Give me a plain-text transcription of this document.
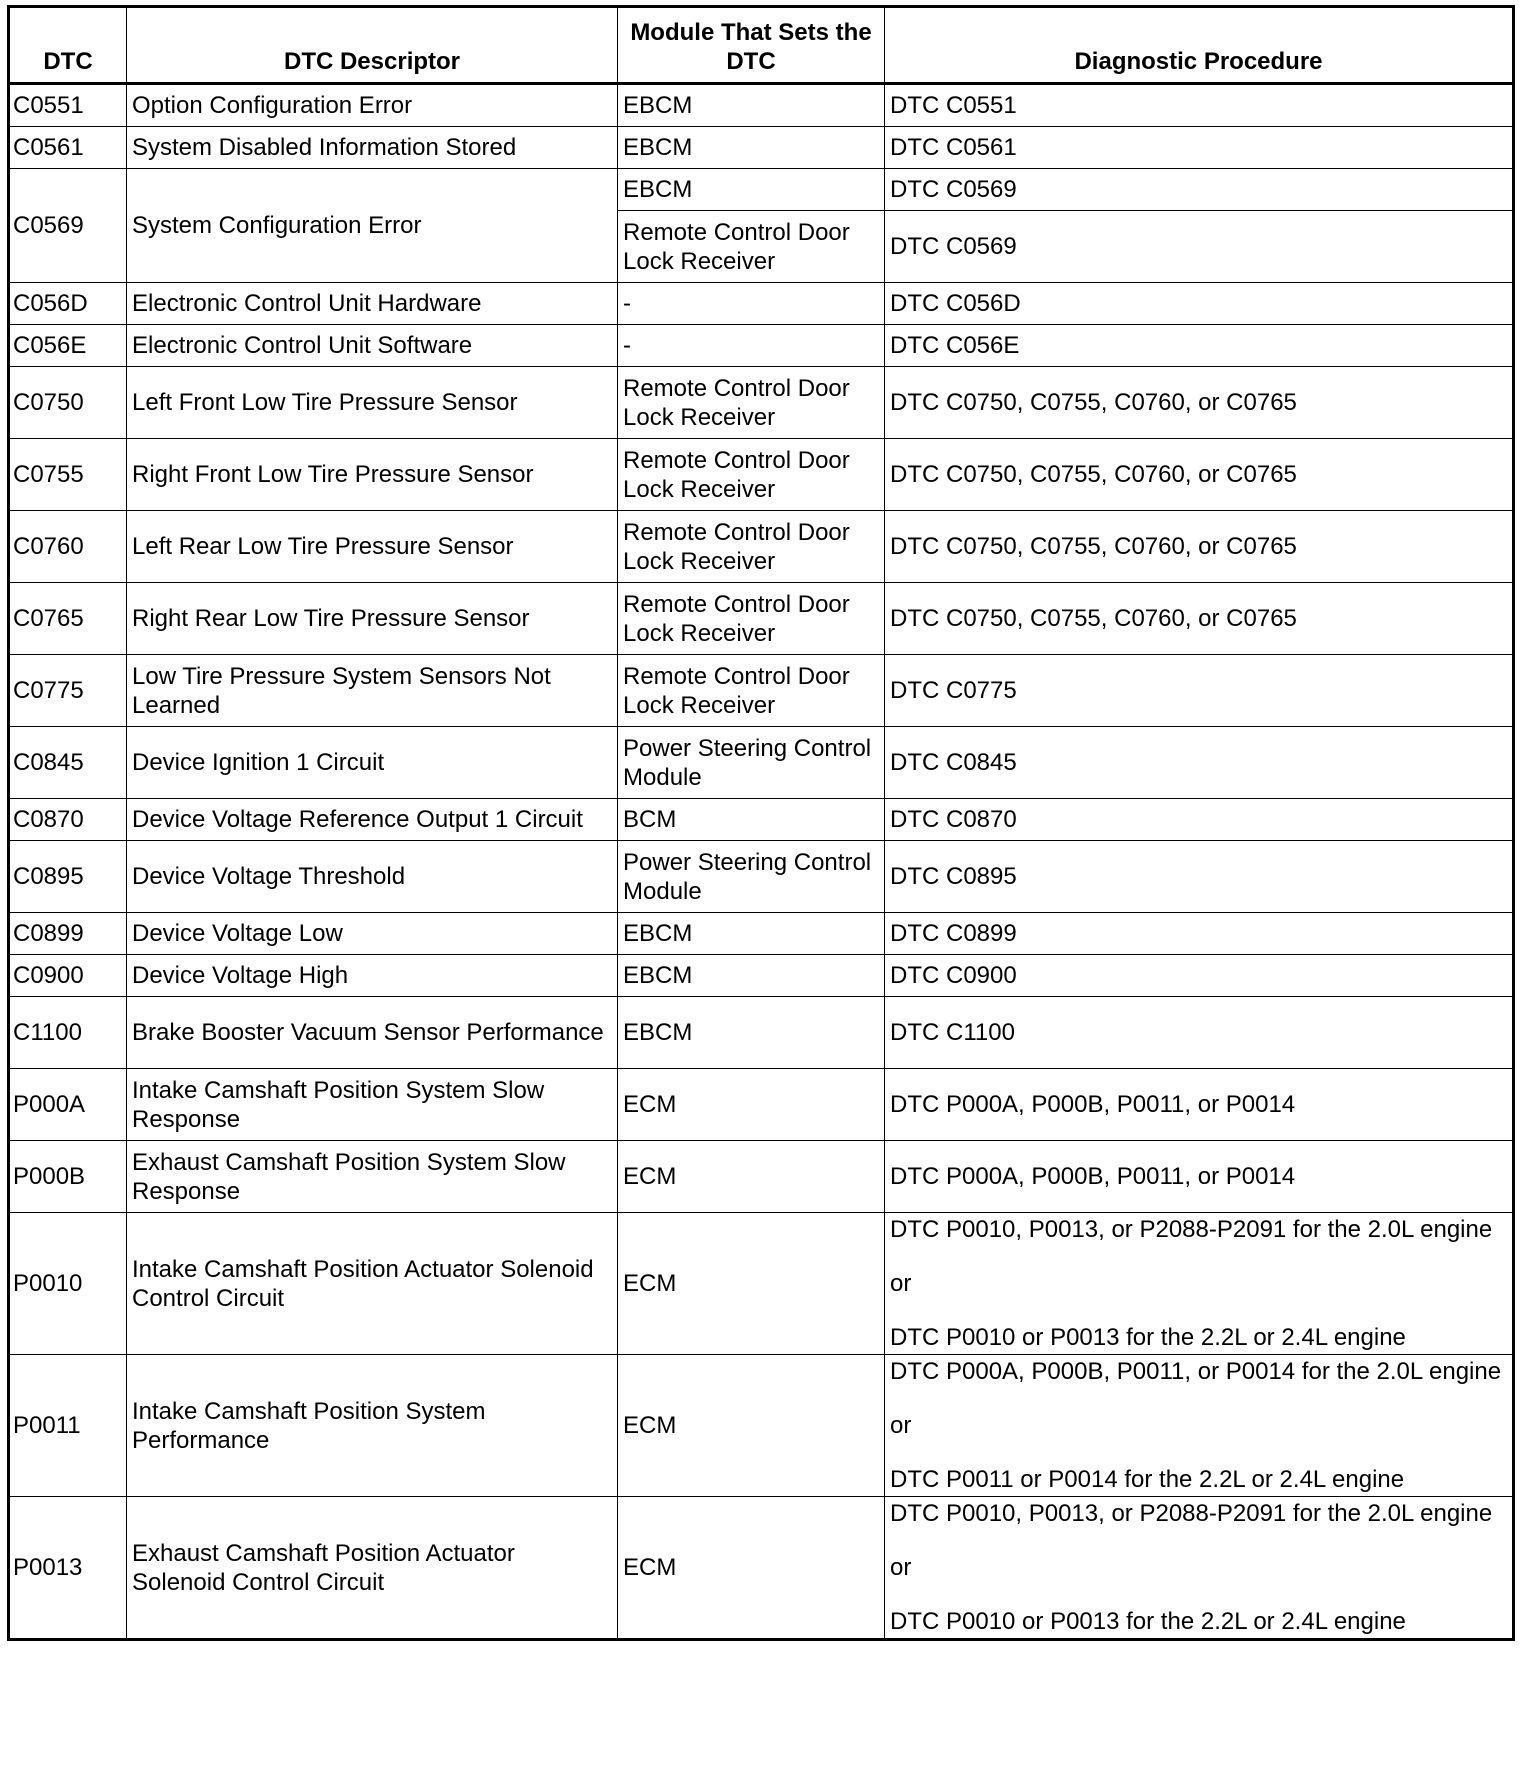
DTC	DTC Descriptor	Module That Sets the DTC	Diagnostic Procedure
C0551	Option Configuration Error	EBCM	DTC C0551
C0561	System Disabled Information Stored	EBCM	DTC C0561
C0569	System Configuration Error	EBCM	DTC C0569
		Remote Control Door Lock Receiver	DTC C0569
C056D	Electronic Control Unit Hardware	-	DTC C056D
C056E	Electronic Control Unit Software	-	DTC C056E
C0750	Left Front Low Tire Pressure Sensor	Remote Control Door Lock Receiver	DTC C0750, C0755, C0760, or C0765
C0755	Right Front Low Tire Pressure Sensor	Remote Control Door Lock Receiver	DTC C0750, C0755, C0760, or C0765
C0760	Left Rear Low Tire Pressure Sensor	Remote Control Door Lock Receiver	DTC C0750, C0755, C0760, or C0765
C0765	Right Rear Low Tire Pressure Sensor	Remote Control Door Lock Receiver	DTC C0750, C0755, C0760, or C0765
C0775	Low Tire Pressure System Sensors Not Learned	Remote Control Door Lock Receiver	DTC C0775
C0845	Device Ignition 1 Circuit	Power Steering Control Module	DTC C0845
C0870	Device Voltage Reference Output 1 Circuit	BCM	DTC C0870
C0895	Device Voltage Threshold	Power Steering Control Module	DTC C0895
C0899	Device Voltage Low	EBCM	DTC C0899
C0900	Device Voltage High	EBCM	DTC C0900
C1100	Brake Booster Vacuum Sensor Performance	EBCM	DTC C1100
P000A	Intake Camshaft Position System Slow Response	ECM	DTC P000A, P000B, P0011, or P0014
P000B	Exhaust Camshaft Position System Slow Response	ECM	DTC P000A, P000B, P0011, or P0014
P0010	Intake Camshaft Position Actuator Solenoid Control Circuit	ECM	DTC P0010, P0013, or P2088-P2091 for the 2.0L engine
or
DTC P0010 or P0013 for the 2.2L or 2.4L engine

P0011	Intake Camshaft Position System Performance	ECM	DTC P000A, P000B, P0011, or P0014 for the 2.0L engine
or
DTC P0011 or P0014 for the 2.2L or 2.4L engine

P0013	Exhaust Camshaft Position Actuator Solenoid Control Circuit	ECM	DTC P0010, P0013, or P2088-P2091 for the 2.0L engine
or
DTC P0010 or P0013 for the 2.2L or 2.4L engine
